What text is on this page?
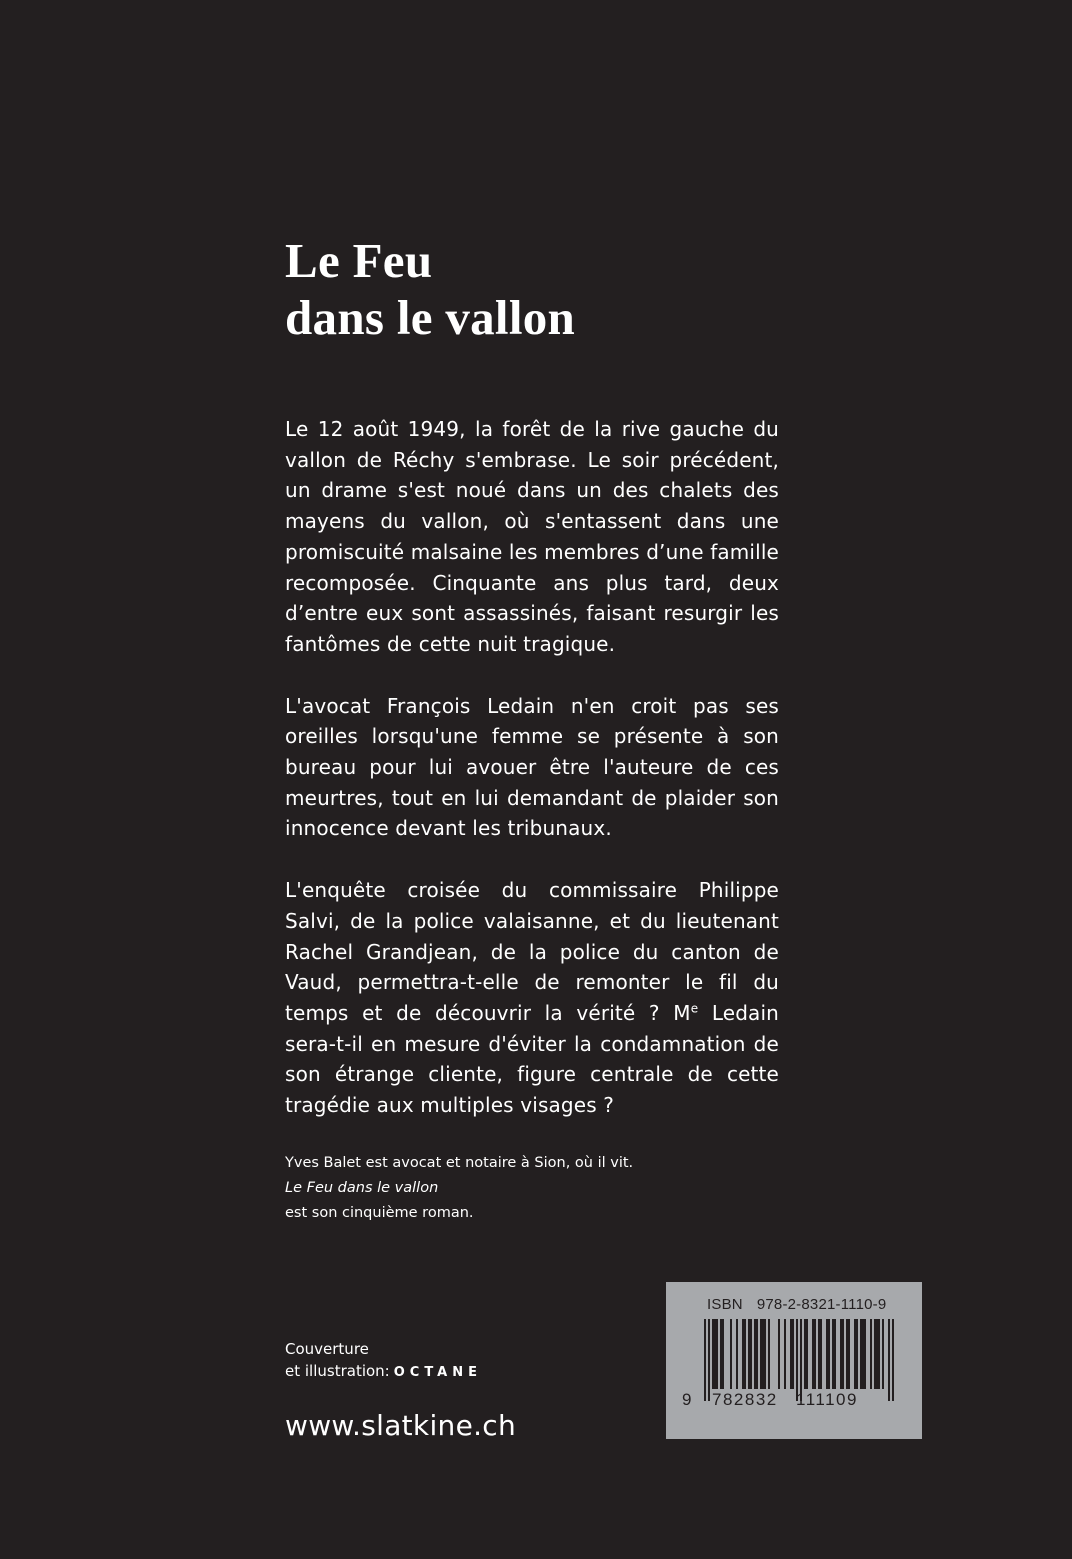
Le Feu
dans le vallon

Le 12 août 1949, la forêt de la rive gauche du vallon de Réchy s'embrase. Le soir précédent, un drame s'est noué dans un des chalets des mayens du vallon, où s'entassent dans une promiscuité malsaine les membres d’une famille recomposée. Cinquante ans plus tard, deux d’entre eux sont assassinés, faisant resurgir les fantômes de cette nuit tragique.

L'avocat François Ledain n'en croit pas ses oreilles lorsqu'une femme se présente à son bureau pour lui avouer être l'auteure de ces meurtres, tout en lui demandant de plaider son innocence devant les tribunaux.

L'enquête croisée du commissaire Philippe Salvi, de la police valaisanne, et du lieutenant Rachel Grandjean, de la police du canton de Vaud, permettra-t-elle de remonter le fil du temps et de découvrir la vérité ? Me Ledain sera-t-il en mesure d'éviter la condamnation de son étrange cliente, figure centrale de cette tragédie aux multiples visages ?

Yves Balet est avocat et notaire à Sion, où il vit.
Le Feu dans le vallon
est son cinquième roman.
Couverture
et illustration: OCTANE
www.slatkine.ch
ISBN 978-2-8321-1110-9
9 782832 111109
